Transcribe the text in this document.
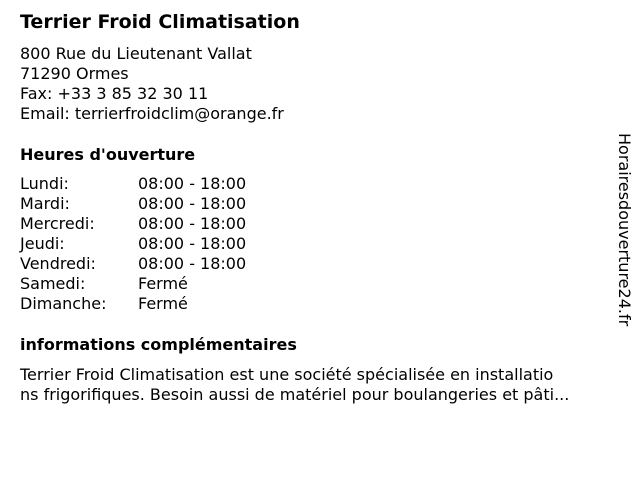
Terrier Froid Climatisation
800 Rue du Lieutenant Vallat
71290 Ormes
Fax: +33 3 85 32 30 11
Email: terrierfroidclim@orange.fr
Heures d'ouverture
Lundi:	08:00 - 18:00
Mardi:	08:00 - 18:00
Mercredi:	08:00 - 18:00
Jeudi:	08:00 - 18:00
Vendredi:	08:00 - 18:00
Samedi:	Fermé
Dimanche: Fermé
informations complémentaires
Terrier Froid Climatisation est une société spécialisée en installatio
ns frigorifiques. Besoin aussi de matériel pour boulangeries et pâti...
Horairesdouverture24.fr
